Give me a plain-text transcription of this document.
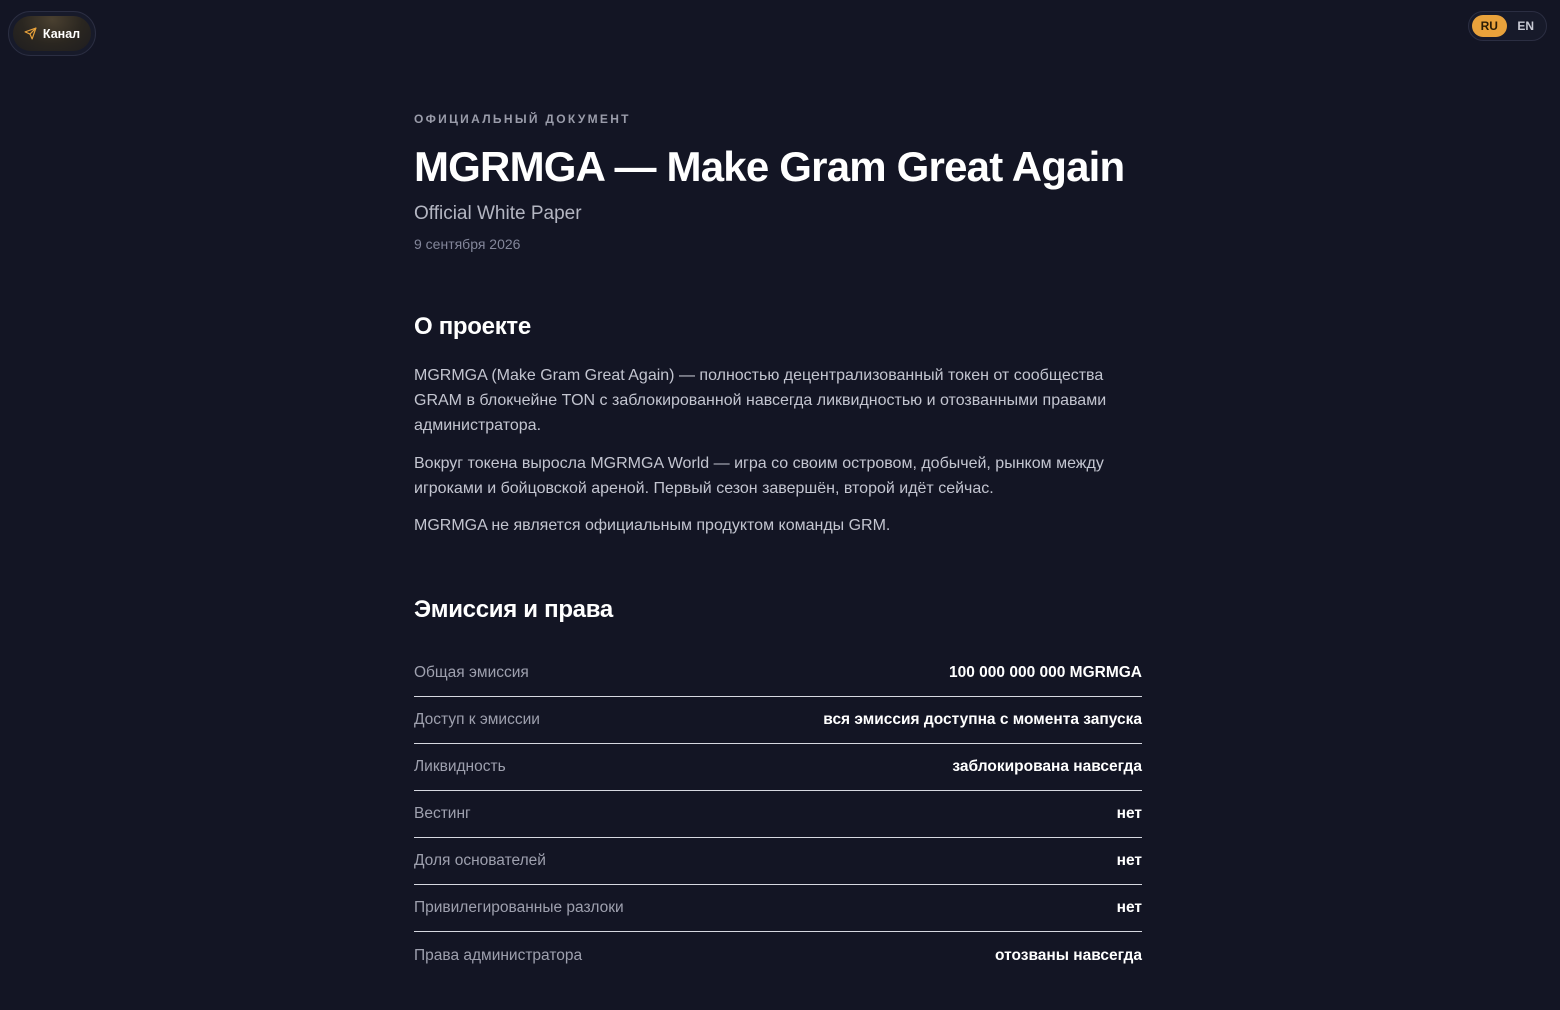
Канал
RU	EN
ОФИЦИАЛЬНЫЙ ДОКУМЕНТ
MGRMGA — Make Gram Great Again
Official White Paper
9 сентября 2026
О проекте

MGRMGA (Make Gram Great Again) — полностью децентрализованный токен от сообщества GRAM в блокчейне TON с заблокированной навсегда ликвидностью и отозванными правами администратора.

Вокруг токена выросла MGRMGA World — игра со своим островом, добычей, рынком между игроками и бойцовской ареной. Первый сезон завершён, второй идёт сейчас.

MGRMGA не является официальным продуктом команды GRM.

Эмиссия и права
Общая эмиссия	100 000 000 000 MGRMGA
Доступ к эмиссии	вся эмиссия доступна с момента запуска
Ликвидность	заблокирована навсегда
Вестинг	нет
Доля основателей	нет
Привилегированные разлоки	нет
Права администратора	отозваны навсегда
